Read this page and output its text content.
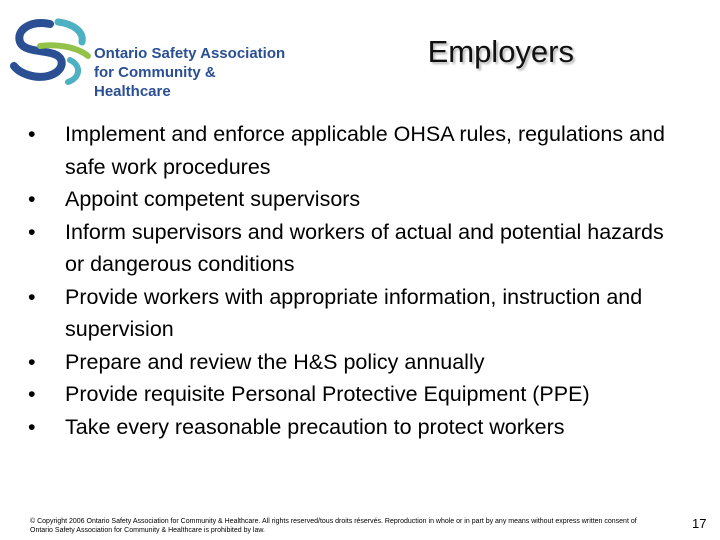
Ontario Safety Association
for Community & Healthcare
Employers
•	Implement and enforce applicable OHSA rules, regulations and safe work procedures
•	Appoint competent supervisors
•	Inform supervisors and workers of actual and potential hazards or dangerous conditions
•	Provide workers with appropriate information, instruction and supervision
•	Prepare and review the H&S policy annually
•	Provide requisite Personal Protective Equipment (PPE)
•	Take every reasonable precaution to protect workers
© Copyright 2006 Ontario Safety Association for Community & Healthcare. All rights reserved/tous droits réservés. Reproduction in whole or in part by any means without express written consent of Ontario Safety Association for Community & Healthcare is prohibited by law.	17
